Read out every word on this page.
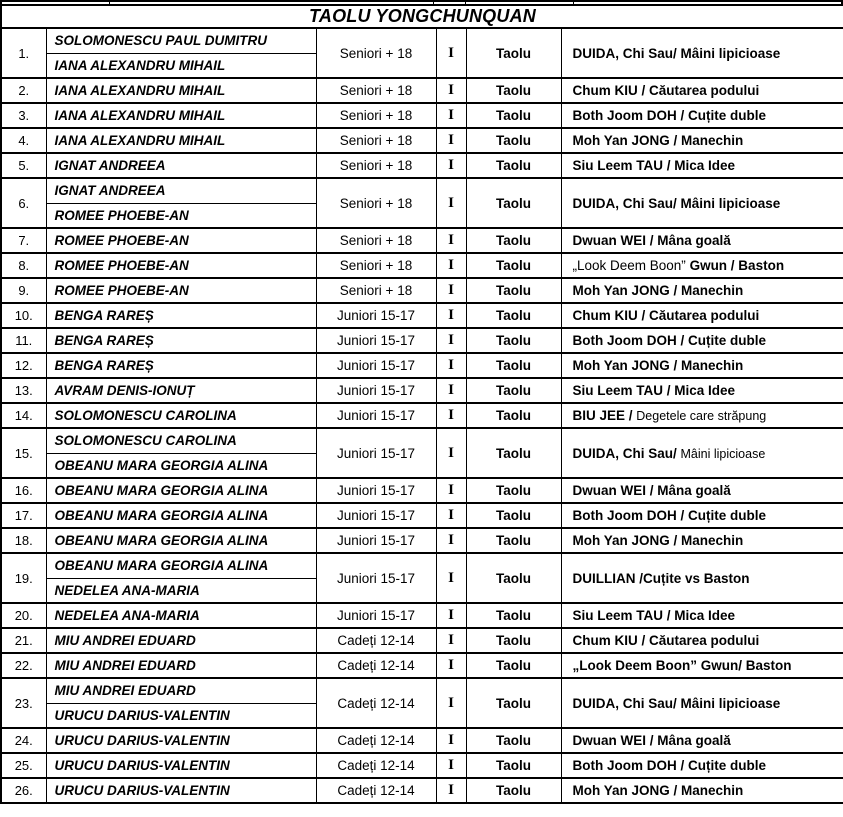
TAOLU YONGCHUNQUAN					
1.	SOLOMONESCU PAUL DUMITRU	Seniori + 18	I	Taolu	DUIDA, Chi Sau/ Mâini lipicioase
	IANA ALEXANDRU MIHAIL				
2.	IANA ALEXANDRU MIHAIL	Seniori + 18	I	Taolu	Chum KIU / Căutarea podului
3.	IANA ALEXANDRU MIHAIL	Seniori + 18	I	Taolu	Both Joom DOH / Cuțite duble
4.	IANA ALEXANDRU MIHAIL	Seniori + 18	I	Taolu	Moh Yan JONG / Manechin
5.	IGNAT ANDREEA	Seniori + 18	I	Taolu	Siu Leem TAU / Mica Idee
6.	IGNAT ANDREEA	Seniori + 18	I	Taolu	DUIDA, Chi Sau/ Mâini lipicioase
	ROMEE PHOEBE-AN				
7.	ROMEE PHOEBE-AN	Seniori + 18	I	Taolu	Dwuan WEI / Mâna goală
8.	ROMEE PHOEBE-AN	Seniori + 18	I	Taolu	„Look Deem Boon” Gwun / Baston
9.	ROMEE PHOEBE-AN	Seniori + 18	I	Taolu	Moh Yan JONG / Manechin
10.	BENGA RAREȘ	Juniori 15-17	I	Taolu	Chum KIU / Căutarea podului
11.	BENGA RAREȘ	Juniori 15-17	I	Taolu	Both Joom DOH / Cuțite duble
12.	BENGA RAREȘ	Juniori 15-17	I	Taolu	Moh Yan JONG / Manechin
13.	AVRAM DENIS-IONUȚ	Juniori 15-17	I	Taolu	Siu Leem TAU / Mica Idee
14.	SOLOMONESCU CAROLINA	Juniori 15-17	I	Taolu	BIU JEE / Degetele care străpung
15.	SOLOMONESCU CAROLINA	Juniori 15-17	I	Taolu	DUIDA, Chi Sau/ Mâini lipicioase
	OBEANU MARA GEORGIA ALINA				
16.	OBEANU MARA GEORGIA ALINA	Juniori 15-17	I	Taolu	Dwuan WEI / Mâna goală
17.	OBEANU MARA GEORGIA ALINA	Juniori 15-17	I	Taolu	Both Joom DOH / Cuțite duble
18.	OBEANU MARA GEORGIA ALINA	Juniori 15-17	I	Taolu	Moh Yan JONG / Manechin
19.	OBEANU MARA GEORGIA ALINA	Juniori 15-17	I	Taolu	DUILLIAN /Cuțite vs Baston
	NEDELEA ANA-MARIA				
20.	NEDELEA ANA-MARIA	Juniori 15-17	I	Taolu	Siu Leem TAU / Mica Idee
21.	MIU ANDREI EDUARD	Cadeți 12-14	I	Taolu	Chum KIU / Căutarea podului
22.	MIU ANDREI EDUARD	Cadeți 12-14	I	Taolu	„Look Deem Boon” Gwun/ Baston
23.	MIU ANDREI EDUARD	Cadeți 12-14	I	Taolu	DUIDA, Chi Sau/ Mâini lipicioase
	URUCU DARIUS-VALENTIN				
24.	URUCU DARIUS-VALENTIN	Cadeți 12-14	I	Taolu	Dwuan WEI / Mâna goală
25.	URUCU DARIUS-VALENTIN	Cadeți 12-14	I	Taolu	Both Joom DOH / Cuțite duble
26.	URUCU DARIUS-VALENTIN	Cadeți 12-14	I	Taolu	Moh Yan JONG / Manechin
